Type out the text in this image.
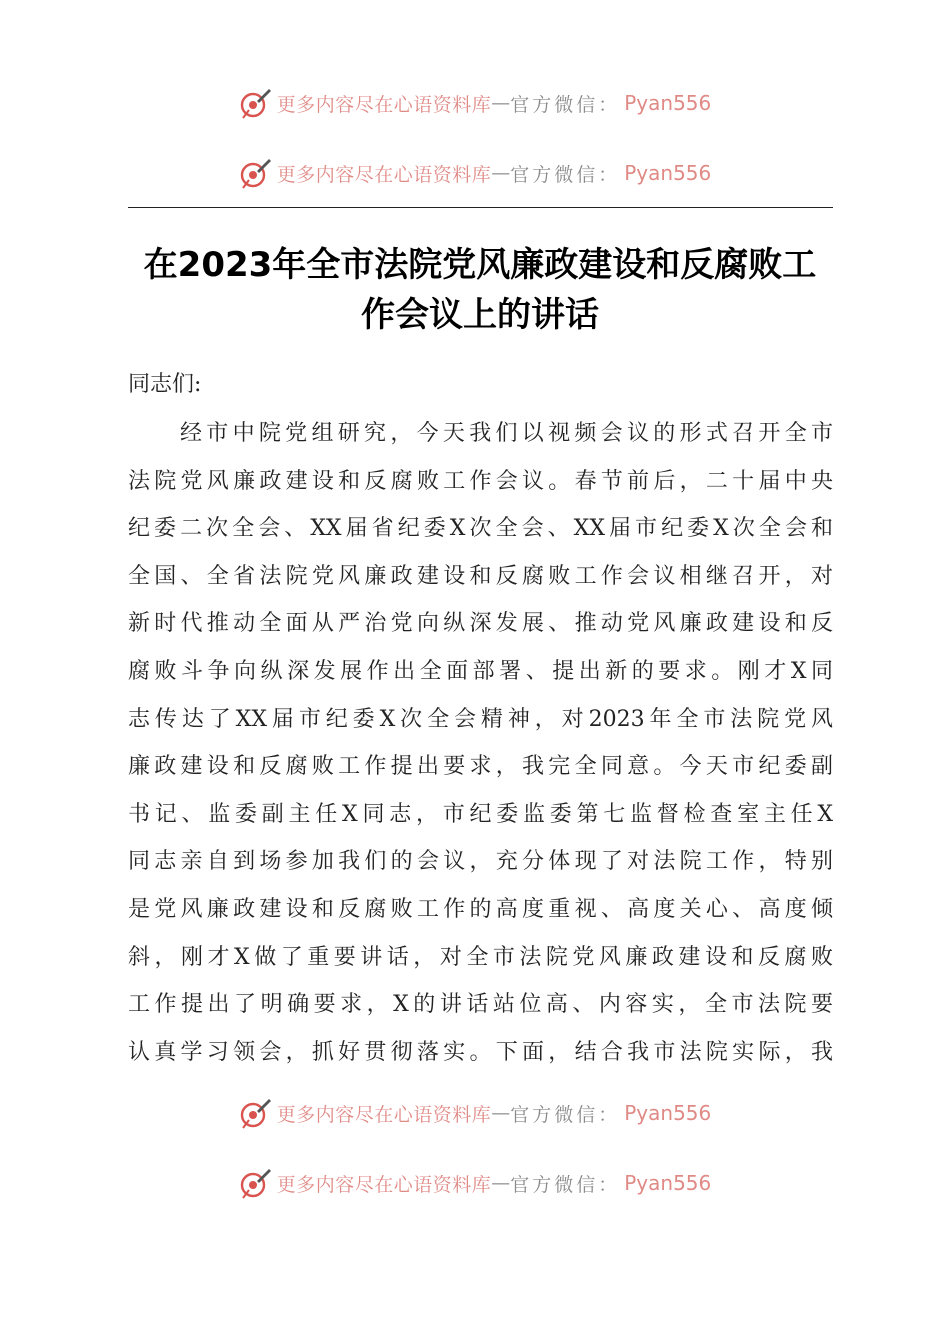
更多内容尽在心语资料库 — 官方微信： Pyan556
更多内容尽在心语资料库 — 官方微信： Pyan556
在2023年全市法院党风廉政建设和反腐败工
作会议上的讲话

同志们:

经市中院党组研究，今天我们以视频会议的形式召开全市
法院党风廉政建设和反腐败工作会议。春节前后，二十届中央
纪委二次全会、XX届省纪委X次全会、XX届市纪委X次全会和
全国、全省法院党风廉政建设和反腐败工作会议相继召开，对
新时代推动全面从严治党向纵深发展、推动党风廉政建设和反
腐败斗争向纵深发展作出全面部署、提出新的要求。刚才X同
志传达了XX届市纪委X次全会精神，对2023年全市法院党风
廉政建设和反腐败工作提出要求，我完全同意。今天市纪委副
书记、监委副主任X同志，市纪委监委第七监督检查室主任X
同志亲自到场参加我们的会议，充分体现了对法院工作，特别
是党风廉政建设和反腐败工作的高度重视、高度关心、高度倾
斜，刚才X做了重要讲话，对全市法院党风廉政建设和反腐败
工作提出了明确要求，X的讲话站位高、内容实，全市法院要
认真学习领会，抓好贯彻落实。下面，结合我市法院实际，我
更多内容尽在心语资料库 — 官方微信： Pyan556
更多内容尽在心语资料库 — 官方微信： Pyan556
